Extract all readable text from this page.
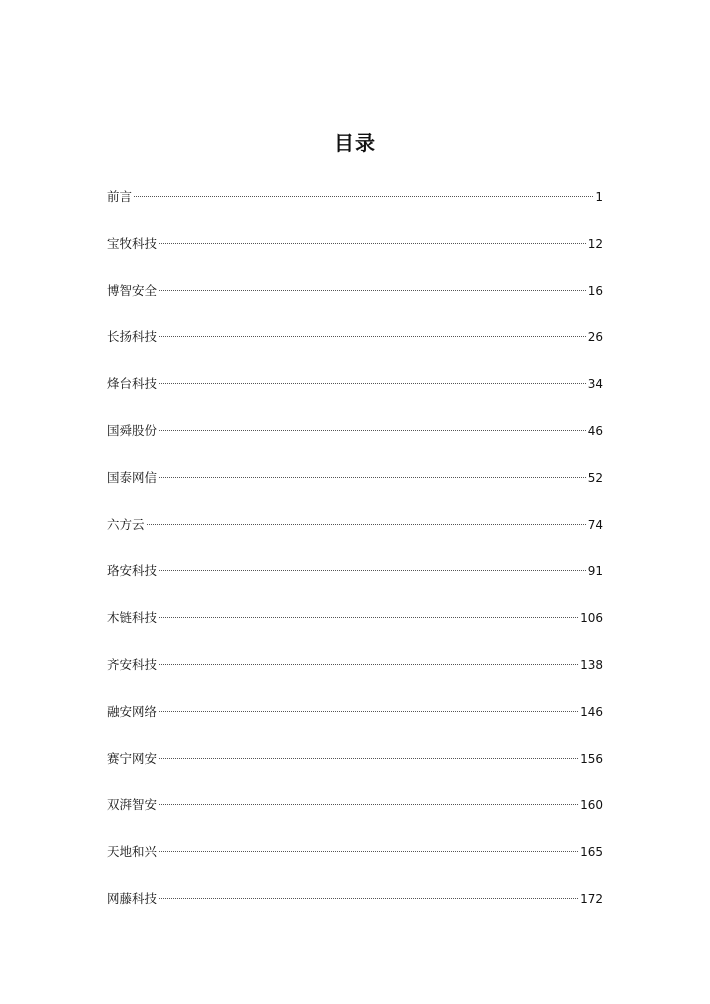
目录
前言	1
宝牧科技	12
博智安全	16
长扬科技	26
烽台科技	34
国舜股份	46
国泰网信	52
六方云	74
珞安科技	91
木链科技	106
齐安科技	138
融安网络	146
赛宁网安	156
双湃智安	160
天地和兴	165
网藤科技	172
